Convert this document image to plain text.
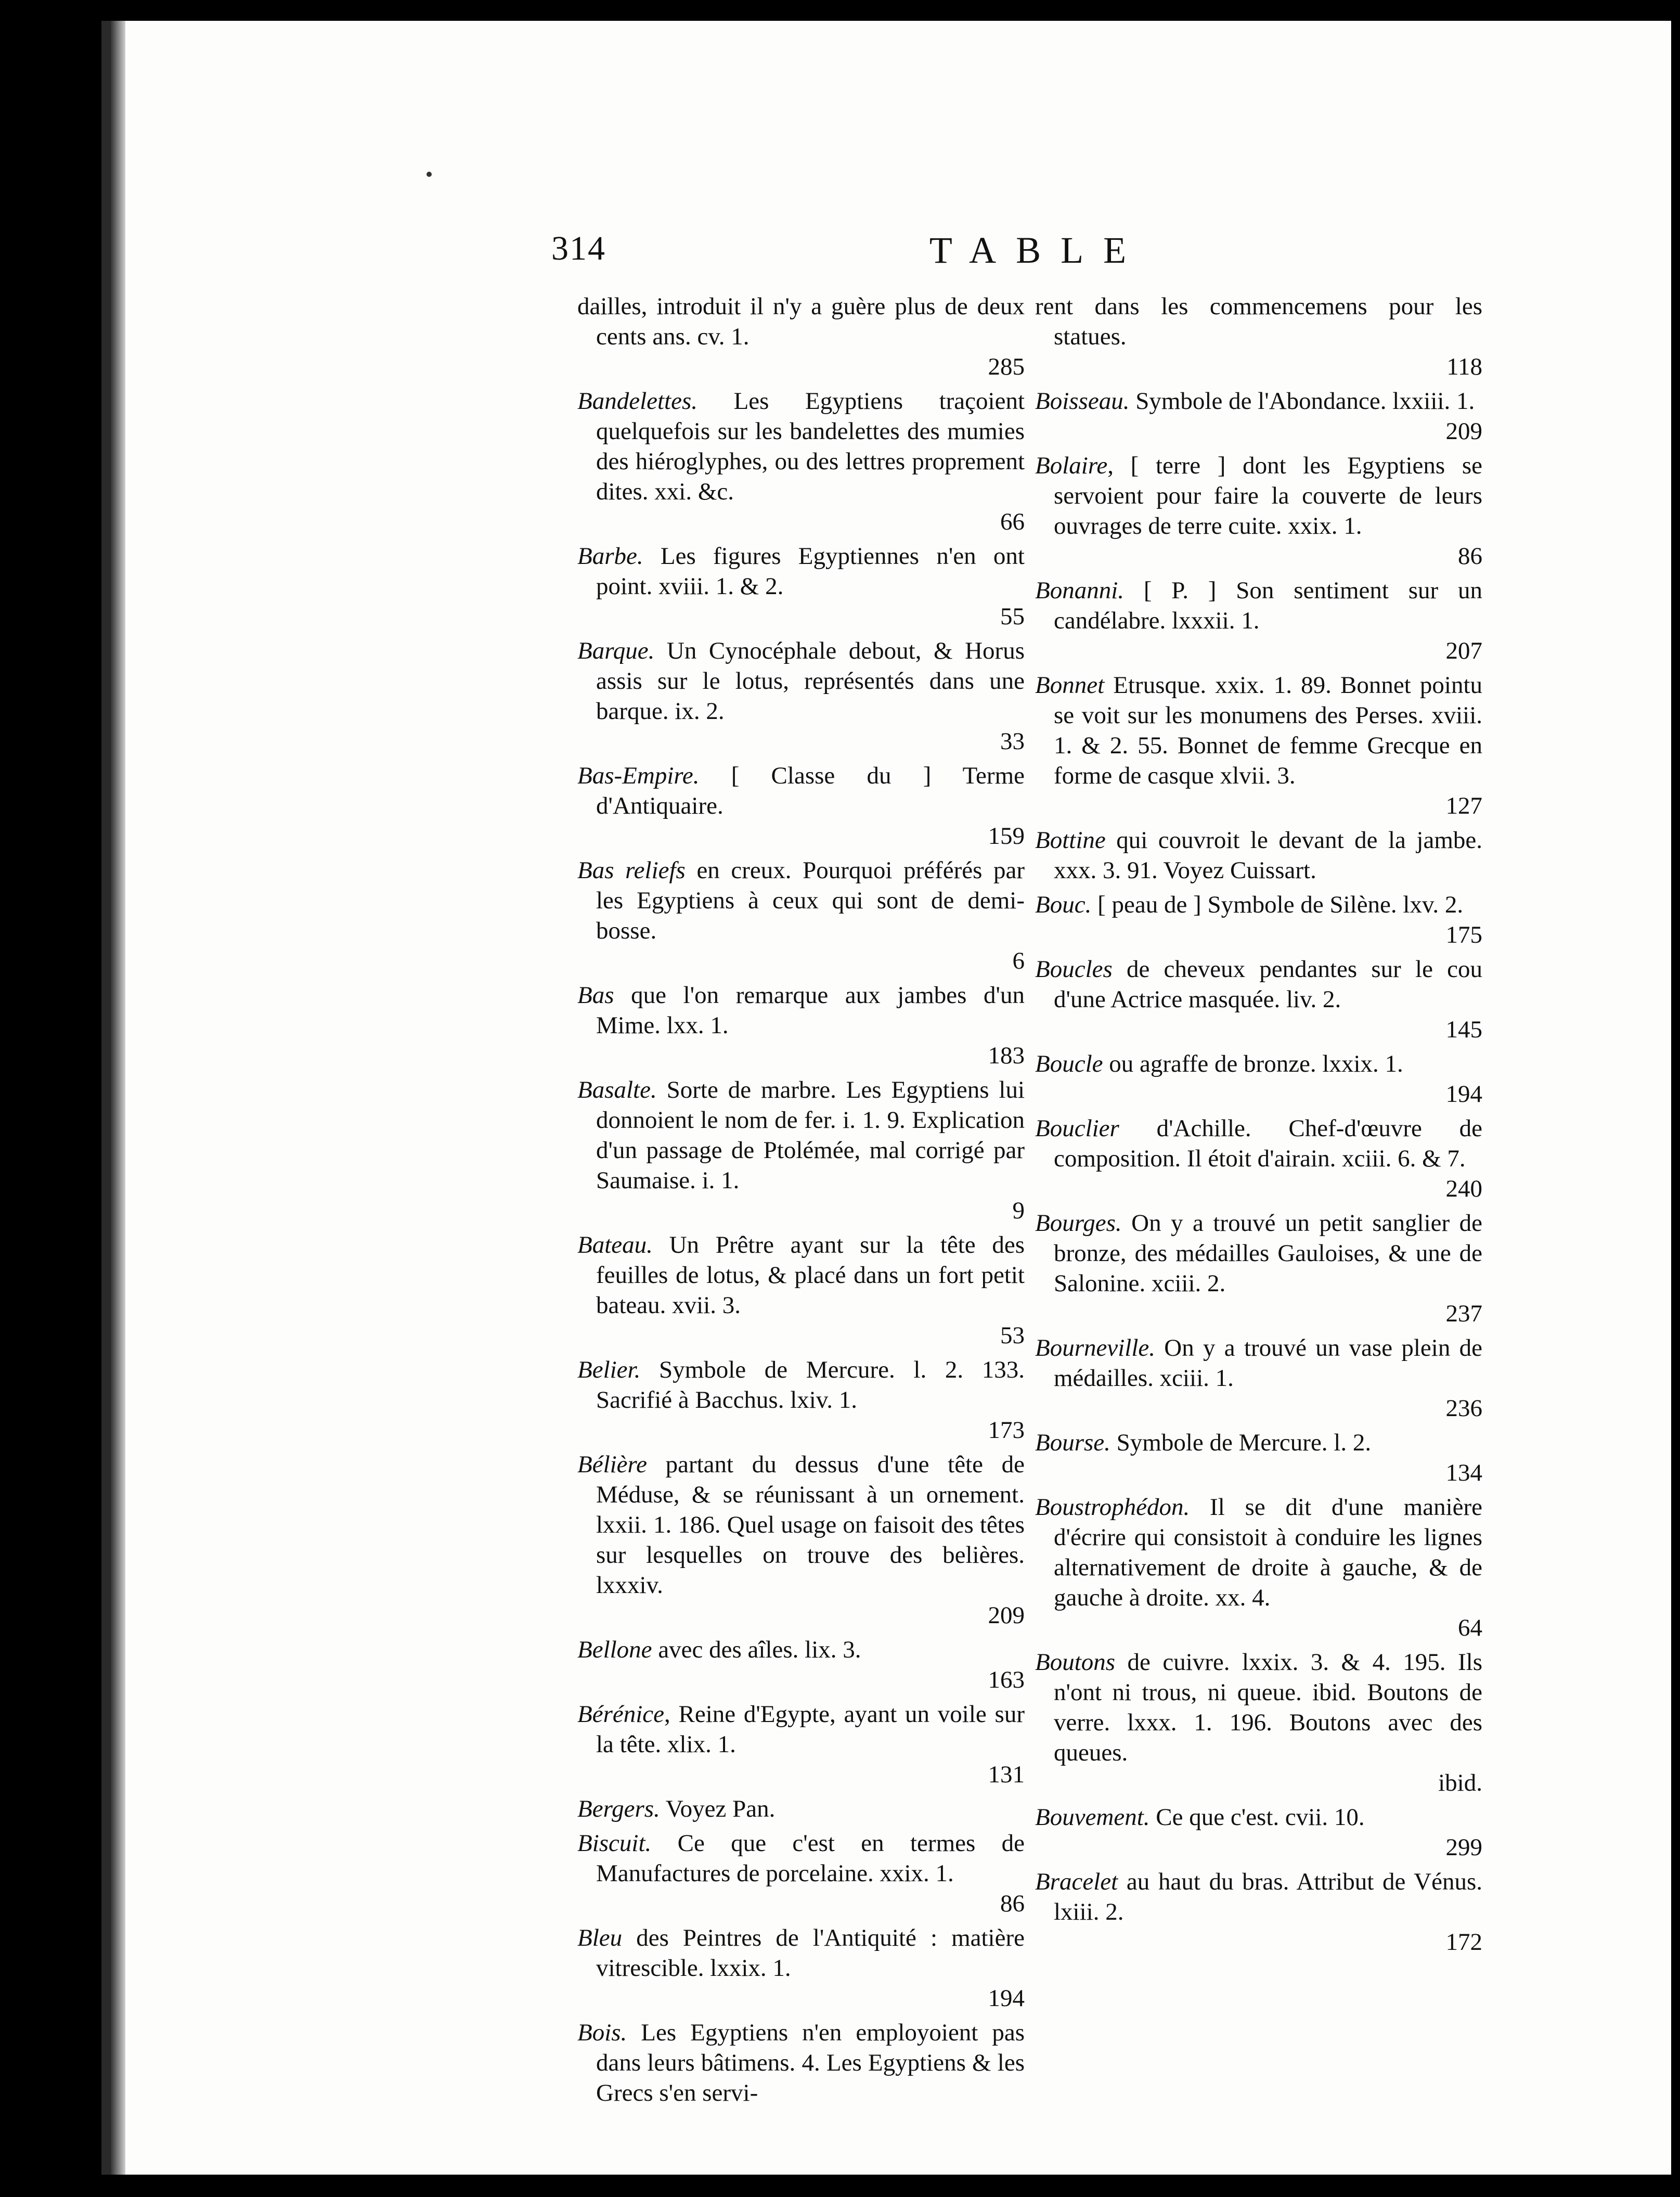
314	TABLE

dailles, introduit il n'y a guère plus de deux cents ans. cv. 1.
285

Bandelettes. Les Egyptiens traçoient quelquefois sur les bandelettes des mumies des hiéroglyphes, ou des lettres proprement dites. xxi. &c.
66

Barbe. Les figures Egyptiennes n'en ont point. xviii. 1. & 2.
55

Barque. Un Cynocéphale debout, & Horus assis sur le lotus, représentés dans une barque. ix. 2.
33

Bas-Empire. [ Classe du ] Terme d'Antiquaire.
159

Bas reliefs en creux. Pourquoi préférés par les Egyptiens à ceux qui sont de demi-bosse.
6

Bas que l'on remarque aux jambes d'un Mime. lxx. 1.
183

Basalte. Sorte de marbre. Les Egyptiens lui donnoient le nom de fer. i. 1. 9. Explication d'un passage de Ptolémée, mal corrigé par Saumaise. i. 1.
9

Bateau. Un Prêtre ayant sur la tête des feuilles de lotus, & placé dans un fort petit bateau. xvii. 3.
53

Belier. Symbole de Mercure. l. 2. 133. Sacrifié à Bacchus. lxiv. 1.
173

Bélière partant du dessus d'une tête de Méduse, & se réunissant à un ornement. lxxii. 1. 186. Quel usage on faisoit des têtes sur lesquelles on trouve des belières. lxxxiv.
209

Bellone avec des aîles. lix. 3.
163

Bérénice, Reine d'Egypte, ayant un voile sur la tête. xlix. 1.
131

Bergers. Voyez Pan.

Biscuit. Ce que c'est en termes de Manufactures de porcelaine. xxix. 1.
86

Bleu des Peintres de l'Antiquité : matière vitrescible. lxxix. 1.
194

Bois. Les Egyptiens n'en employoient pas dans leurs bâtimens. 4. Les Egyptiens & les Grecs s'en servi-

rent dans les commencemens pour les statues.
118

Boisseau. Symbole de l'Abondance. lxxiii. 1.
209

Bolaire, [ terre ] dont les Egyptiens se servoient pour faire la couverte de leurs ouvrages de terre cuite. xxix. 1.
86

Bonanni. [ P. ] Son sentiment sur un candélabre. lxxxii. 1.
207

Bonnet Etrusque. xxix. 1. 89. Bonnet pointu se voit sur les monumens des Perses. xviii. 1. & 2. 55. Bonnet de femme Grecque en forme de casque xlvii. 3.
127

Bottine qui couvroit le devant de la jambe. xxx. 3. 91. Voyez Cuissart.

Bouc. [ peau de ] Symbole de Silène. lxv. 2.
175

Boucles de cheveux pendantes sur le cou d'une Actrice masquée. liv. 2.
145

Boucle ou agraffe de bronze. lxxix. 1.
194

Bouclier d'Achille. Chef-d'œuvre de composition. Il étoit d'airain. xciii. 6. & 7.
240

Bourges. On y a trouvé un petit sanglier de bronze, des médailles Gauloises, & une de Salonine. xciii. 2.
237

Bourneville. On y a trouvé un vase plein de médailles. xciii. 1.
236

Bourse. Symbole de Mercure. l. 2.
134

Boustrophédon. Il se dit d'une manière d'écrire qui consistoit à conduire les lignes alternativement de droite à gauche, & de gauche à droite. xx. 4.
64

Boutons de cuivre. lxxix. 3. & 4. 195. Ils n'ont ni trous, ni queue. ibid. Boutons de verre. lxxx. 1. 196. Boutons avec des queues.
ibid.

Bouvement. Ce que c'est. cvii. 10.
299

Bracelet au haut du bras. Attribut de Vénus. lxiii. 2.
172
